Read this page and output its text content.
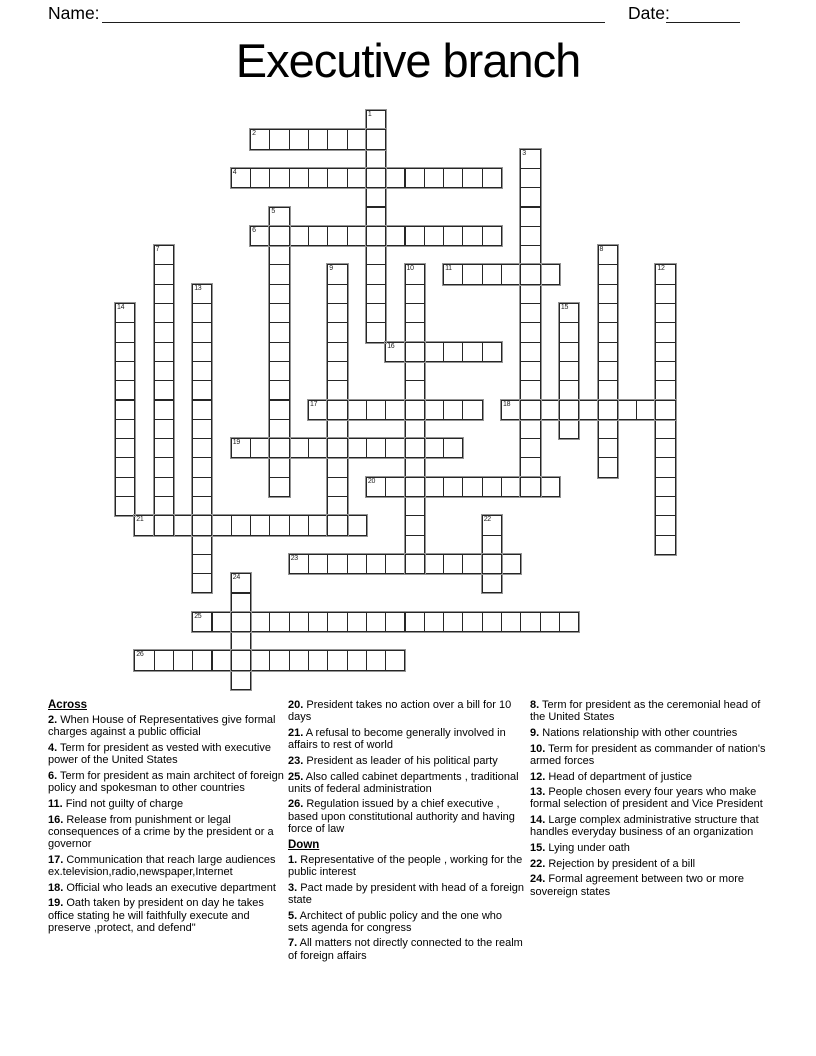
Name:	Date:
Executive branch
1
2
3
4
5
6
7	8
9	10	11	12
13
14	15
16
17	18
19
20
21	22
23
24
25
26
Across
2. When House of Representatives give formal charges against a public official
4. Term for president as vested with executive power of the United States
6. Term for president as main architect of foreign policy and spokesman to other countries
11. Find not guilty of charge
16. Release from punishment or legal consequences of a crime by the president or a governor
17. Communication that reach large audiences ex.television,radio,newspaper,Internet
18. Official who leads an executive department
19. Oath taken by president on day he takes office stating he will faithfully execute and preserve ,protect, and defend"
20. President takes no action over a bill for 10 days
21. A refusal to become generally involved in affairs to rest of world
23. President as leader of his political party
25. Also called cabinet departments , traditional units of federal administration
26. Regulation issued by a chief executive , based upon constitutional authority and having force of law
Down
1. Representative of the people , working for the public interest
3. Pact made by president with head of a foreign state
5. Architect of public policy and the one who sets agenda for congress
7. All matters not directly connected to the realm of foreign affairs
8. Term for president as the ceremonial head of the United States
9. Nations relationship with other countries
10. Term for president as commander of nation's armed forces
12. Head of department of justice
13. People chosen every four years who make formal selection of president and Vice President
14. Large complex administrative structure that handles everyday business of an organization
15. Lying under oath
22. Rejection by president of a bill
24. Formal agreement between two or more sovereign states
